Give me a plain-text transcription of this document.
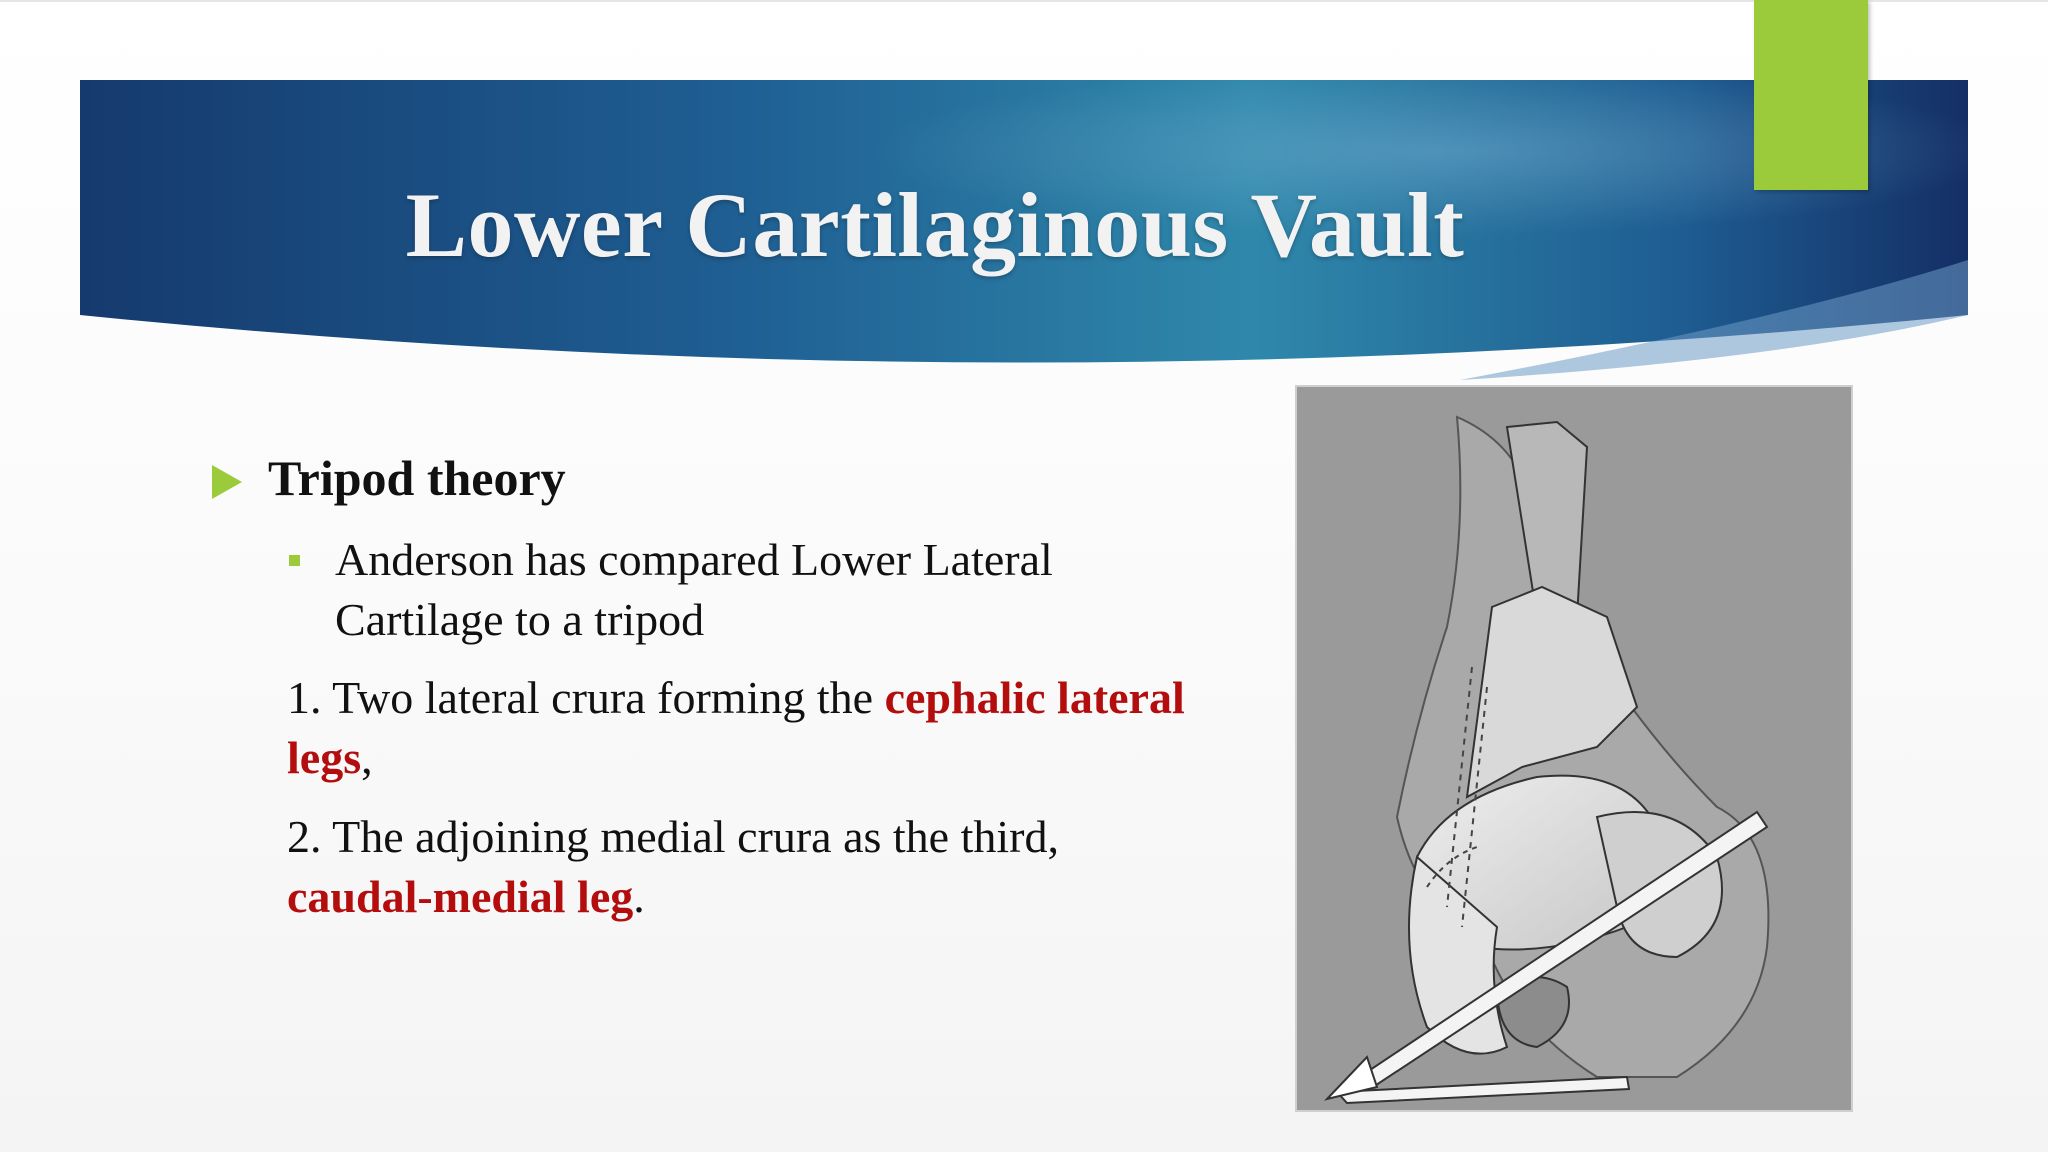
Lower Cartilaginous Vault
Tripod theory
Anderson has compared Lower Lateral Cartilage to a tripod
1. Two lateral crura forming the cephalic lateral legs,
2. The adjoining medial crura as the third, caudal-medial leg.
